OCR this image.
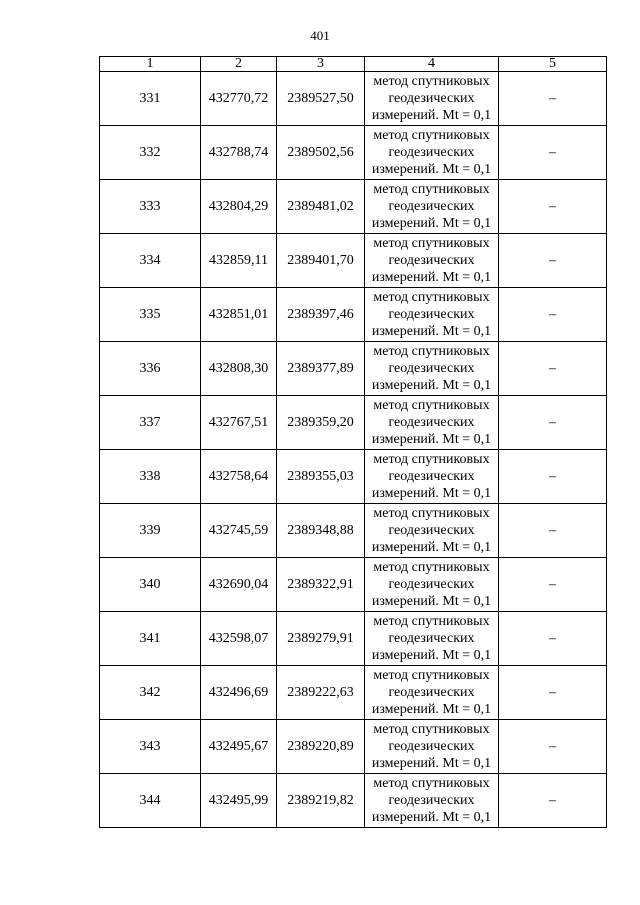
401
1	2	3	4	5
331	432770,72	2389527,50	метод спутниковых
геодезических
измерений. Mt = 0,1	–
332	432788,74	2389502,56	метод спутниковых
геодезических
измерений. Mt = 0,1	–
333	432804,29	2389481,02	метод спутниковых
геодезических
измерений. Mt = 0,1	–
334	432859,11	2389401,70	метод спутниковых
геодезических
измерений. Mt = 0,1	–
335	432851,01	2389397,46	метод спутниковых
геодезических
измерений. Mt = 0,1	–
336	432808,30	2389377,89	метод спутниковых
геодезических
измерений. Mt = 0,1	–
337	432767,51	2389359,20	метод спутниковых
геодезических
измерений. Mt = 0,1	–
338	432758,64	2389355,03	метод спутниковых
геодезических
измерений. Mt = 0,1	–
339	432745,59	2389348,88	метод спутниковых
геодезических
измерений. Mt = 0,1	–
340	432690,04	2389322,91	метод спутниковых
геодезических
измерений. Mt = 0,1	–
341	432598,07	2389279,91	метод спутниковых
геодезических
измерений. Mt = 0,1	–
342	432496,69	2389222,63	метод спутниковых
геодезических
измерений. Mt = 0,1	–
343	432495,67	2389220,89	метод спутниковых
геодезических
измерений. Mt = 0,1	–
344	432495,99	2389219,82	метод спутниковых
геодезических
измерений. Mt = 0,1	–
